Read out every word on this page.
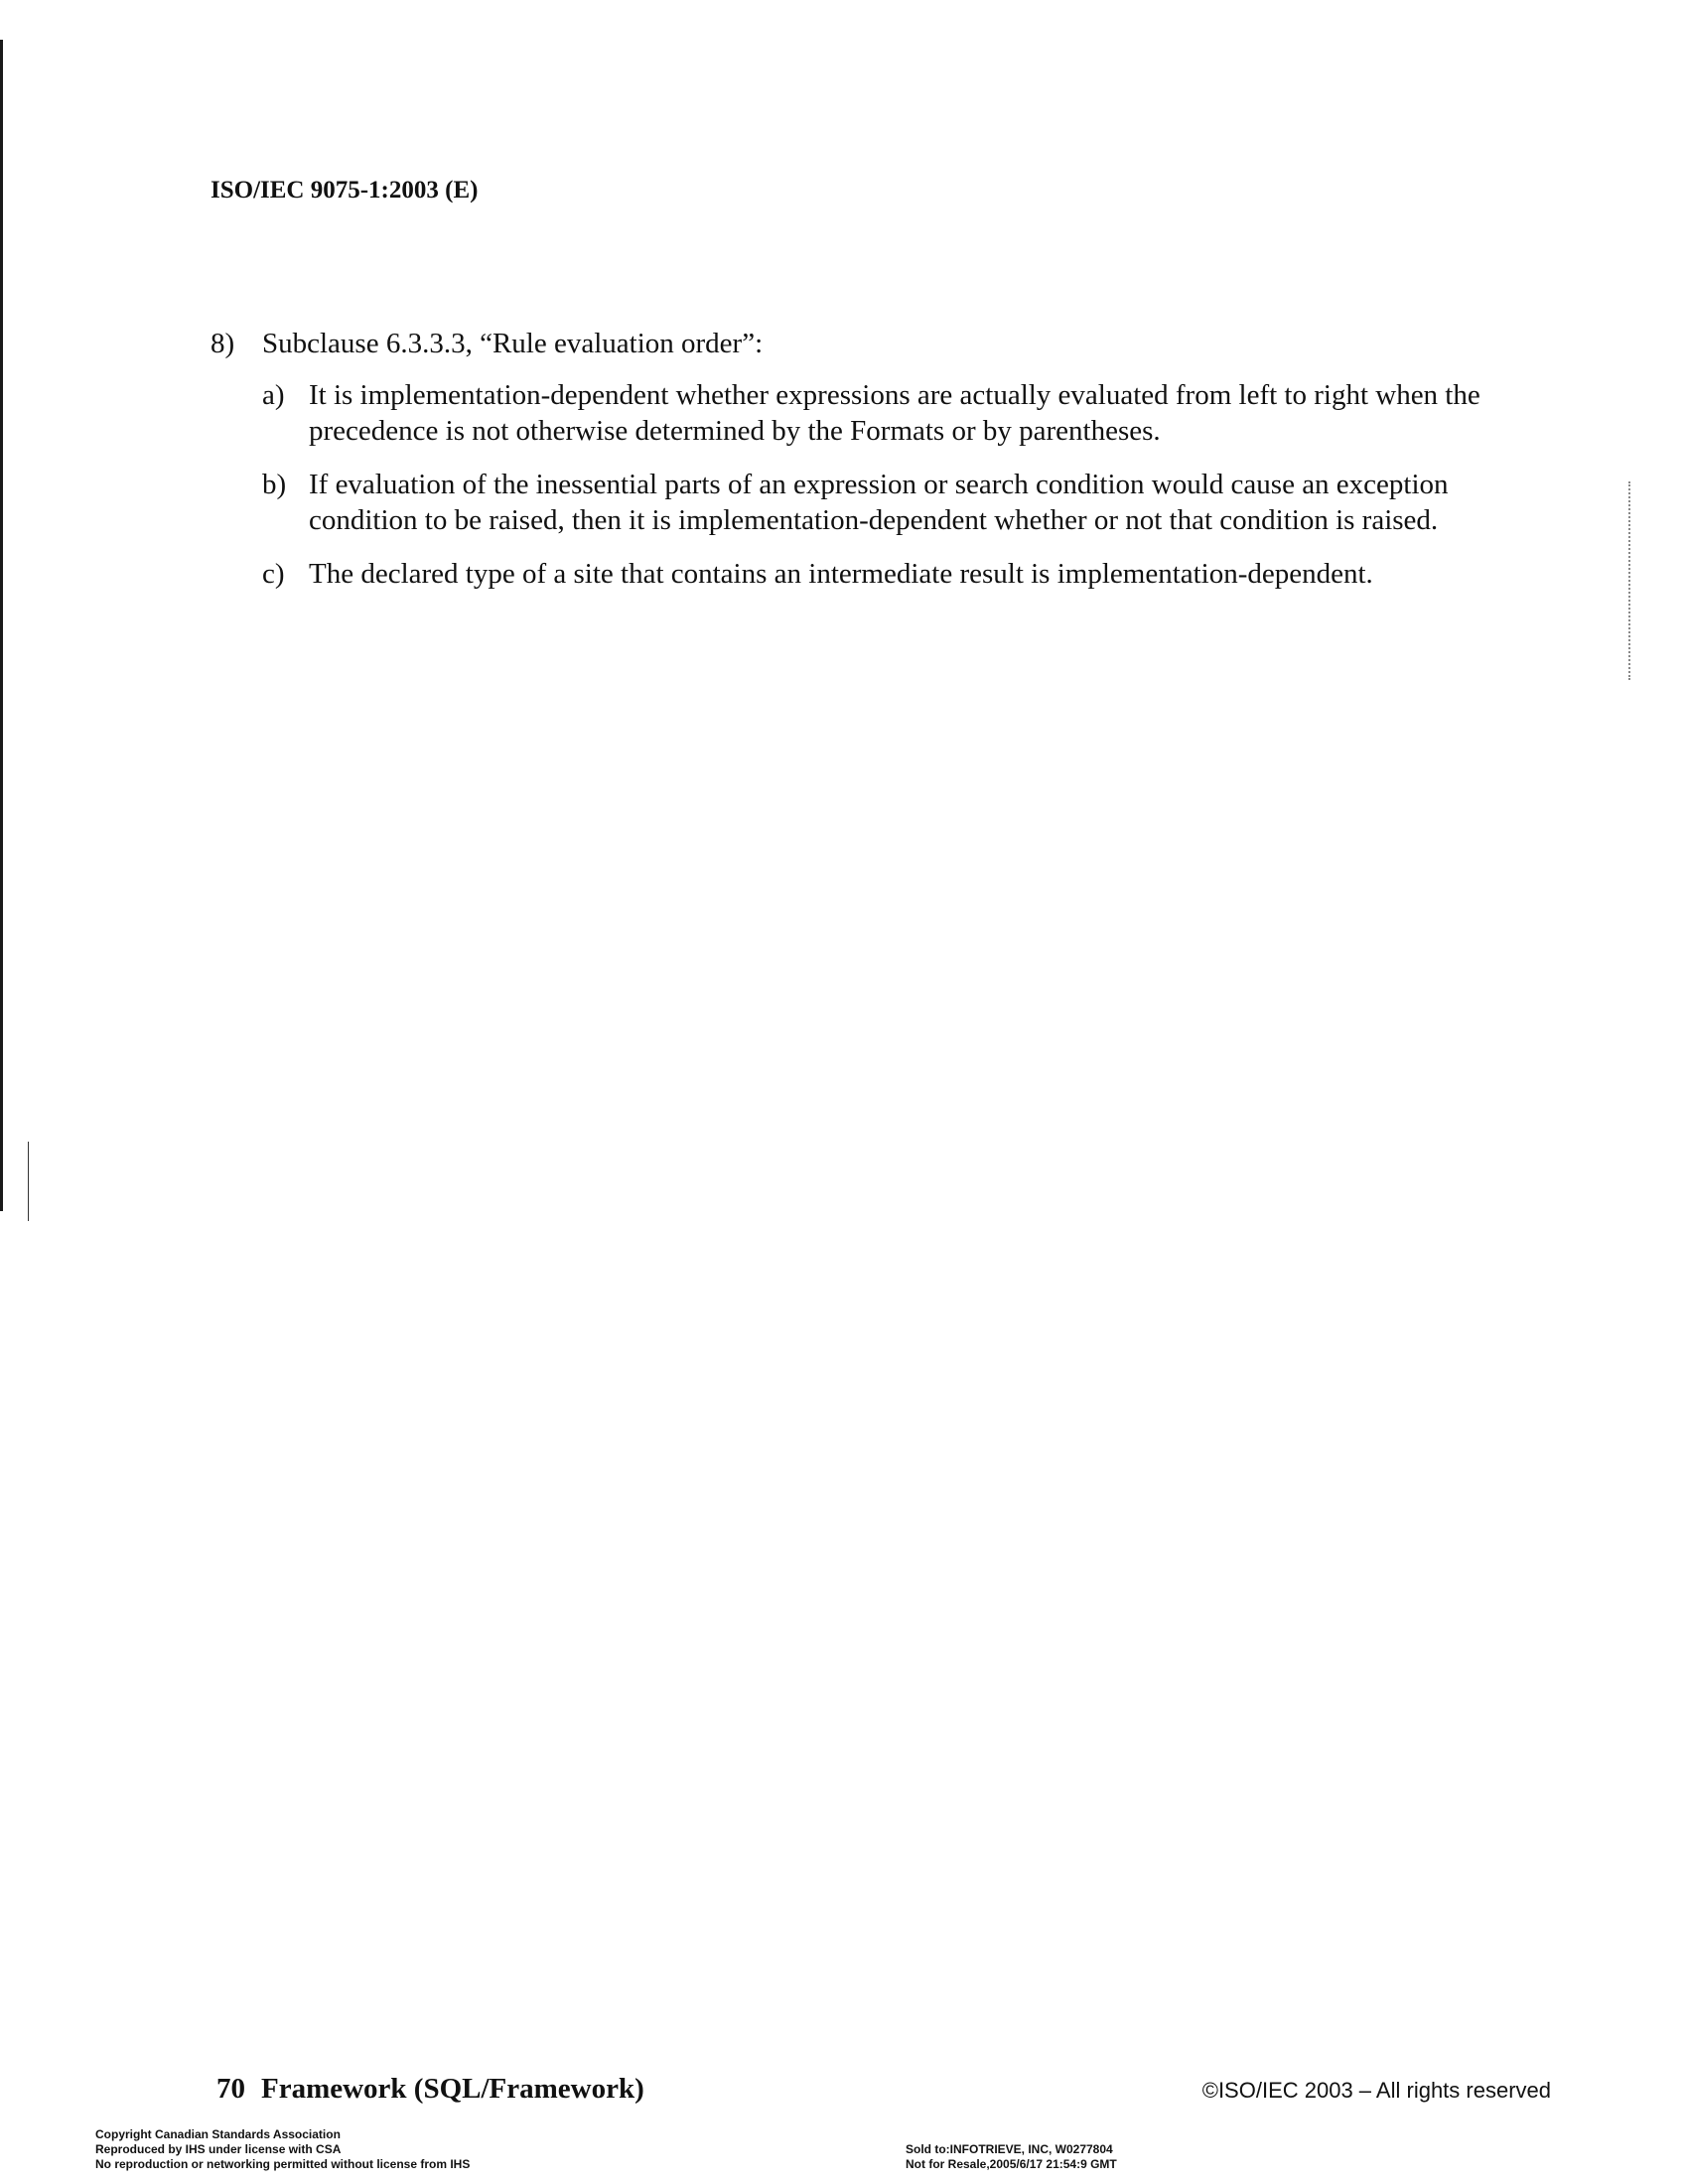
ISO/IEC 9075-1:2003 (E)
8) Subclause 6.3.3.3, “Rule evaluation order”:
a) It is implementation-dependent whether expressions are actually evaluated from left to right when the precedence is not otherwise determined by the Formats or by parentheses.
b) If evaluation of the inessential parts of an expression or search condition would cause an exception condition to be raised, then it is implementation-dependent whether or not that condition is raised.
c) The declared type of a site that contains an intermediate result is implementation-dependent.
70 Framework (SQL/Framework)	©ISO/IEC 2003 – All rights reserved
Copyright Canadian Standards Association
Reproduced by IHS under license with CSA
No reproduction or networking permitted without license from IHS
Sold to:INFOTRIEVE, INC, W0277804
Not for Resale,2005/6/17 21:54:9 GMT
